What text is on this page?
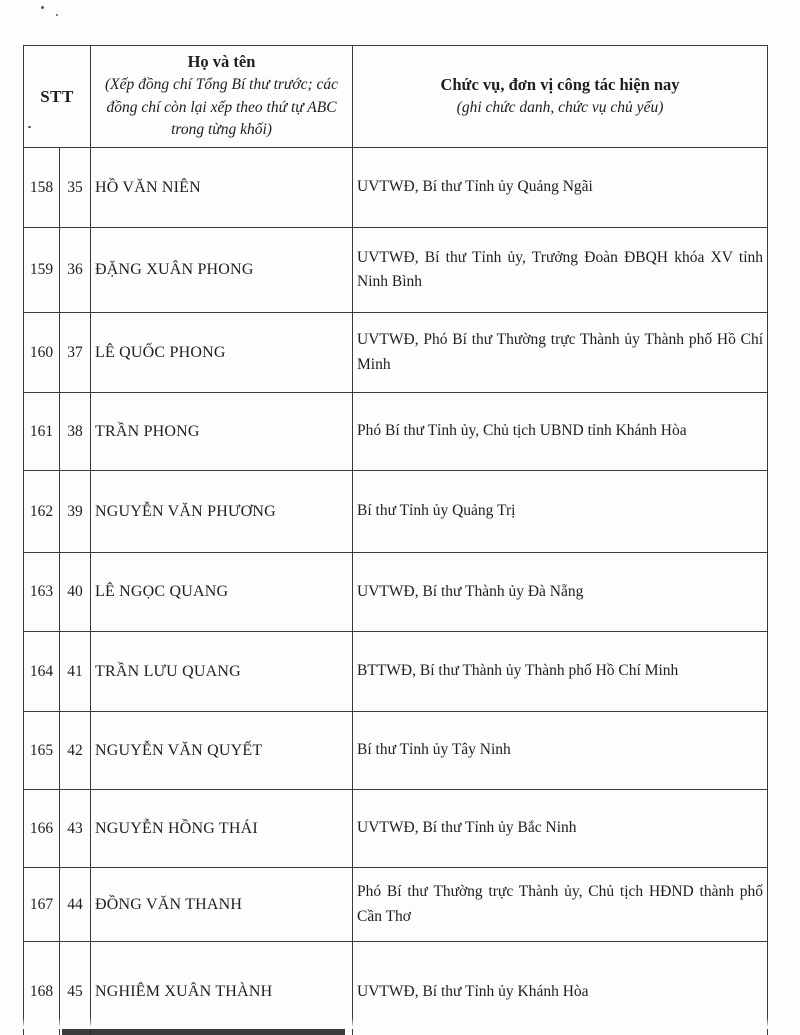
STT	
Họ và tên
(Xếp đồng chí Tổng Bí thư trước; các đồng chí còn lại xếp theo thứ tự ABC trong từng khối)

Chức vụ, đơn vị công tác hiện nay
(ghi chức danh, chức vụ chủ yếu)

158	35	HỒ VĂN NIÊN	UVTWĐ, Bí thư Tỉnh ủy Quảng Ngãi
159	36	ĐẶNG XUÂN PHONG	UVTWĐ, Bí thư Tỉnh ủy, Trưởng Đoàn ĐBQH khóa XV tỉnh Ninh Bình
160	37	LÊ QUỐC PHONG	UVTWĐ, Phó Bí thư Thường trực Thành ủy Thành phố Hồ Chí Minh
161	38	TRẦN PHONG	Phó Bí thư Tỉnh ủy, Chủ tịch UBND tỉnh Khánh Hòa
162	39	NGUYỄN VĂN PHƯƠNG	Bí thư Tỉnh ủy Quảng Trị
163	40	LÊ NGỌC QUANG	UVTWĐ, Bí thư Thành ủy Đà Nẵng
164	41	TRẦN LƯU QUANG	BTTWĐ, Bí thư Thành ủy Thành phố Hồ Chí Minh
165	42	NGUYỄN VĂN QUYẾT	Bí thư Tỉnh ủy Tây Ninh
166	43	NGUYỄN HỒNG THÁI	UVTWĐ, Bí thư Tỉnh ủy Bắc Ninh
167	44	ĐỒNG VĂN THANH	Phó Bí thư Thường trực Thành ủy, Chủ tịch HĐND thành phố Cần Thơ
168	45	NGHIÊM XUÂN THÀNH	UVTWĐ, Bí thư Tỉnh ủy Khánh Hòa
